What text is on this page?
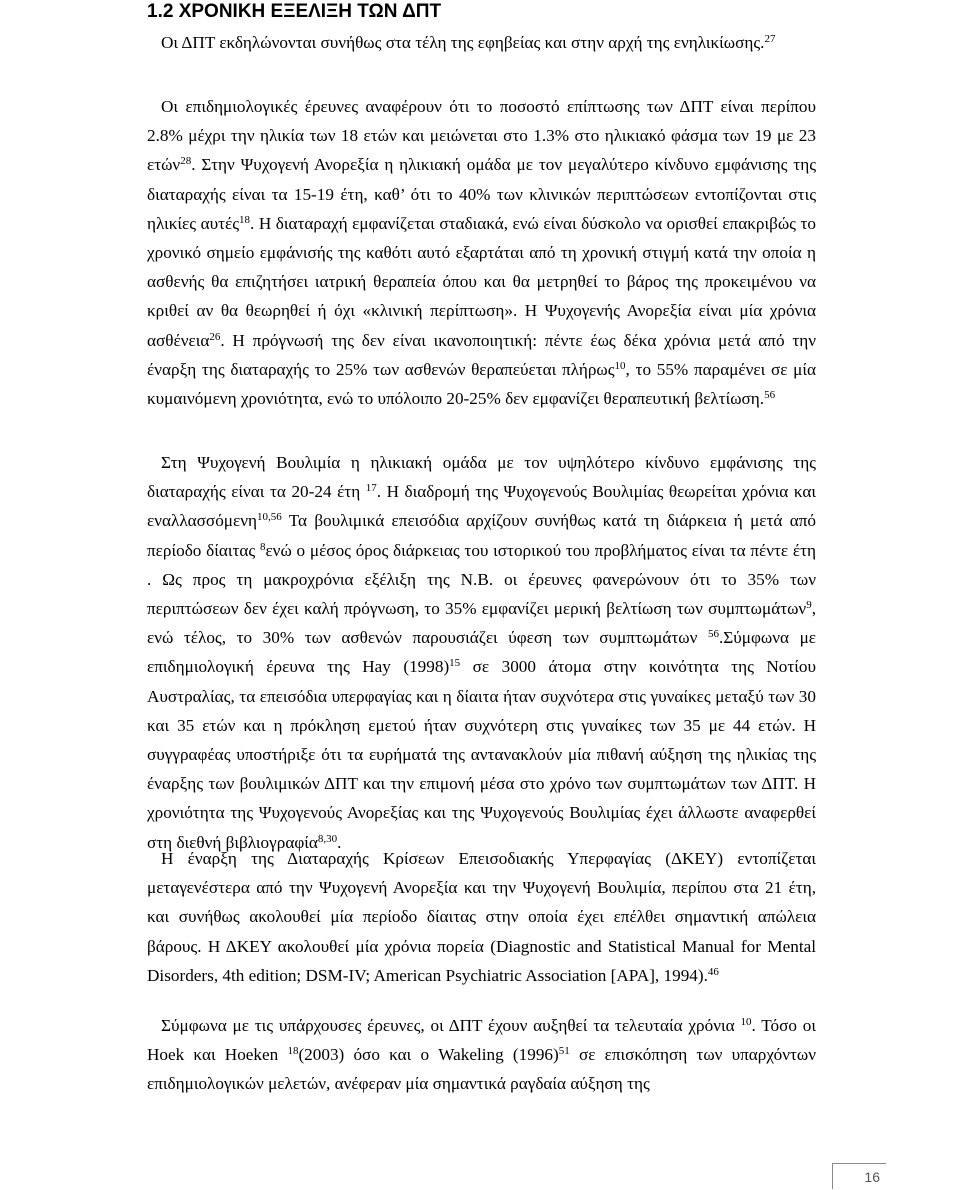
1.2 ΧΡΟΝΙΚΗ ΕΞΕΛΙΞΗ ΤΩΝ ΔΠΤ

Οι ΔΠΤ εκδηλώνονται συνήθως στα τέλη της εφηβείας και στην αρχή της ενηλικίωσης.$^{27}$

Οι επιδημιολογικές έρευνες αναφέρουν ότι το ποσοστό επίπτωσης των ΔΠΤ είναι περίπου 2.8% μέχρι την ηλικία των 18 ετών και μειώνεται στο 1.3% στο ηλικιακό φάσμα των 19 με 23 ετών$^{28}$. Στην Ψυχογενή Ανορεξία η ηλικιακή ομάδα με τον μεγαλύτερο κίνδυνο εμφάνισης της διαταραχής είναι τα 15-19 έτη, καθ’ ότι το 40% των κλινικών περιπτώσεων εντοπίζονται στις ηλικίες αυτές$^{18}$. Η διαταραχή εμφανίζεται σταδιακά, ενώ είναι δύσκολο να ορισθεί επακριβώς το χρονικό σημείο εμφάνισής της καθότι αυτό εξαρτάται από τη χρονική στιγμή κατά την οποία η ασθενής θα επιζητήσει ιατρική θεραπεία όπου και θα μετρηθεί το βάρος της προκειμένου να κριθεί αν θα θεωρηθεί ή όχι «κλινική περίπτωση». Η Ψυχογενής Ανορεξία είναι μία χρόνια ασθένεια$^{26}$. Η πρόγνωσή της δεν είναι ικανοποιητική: πέντε έως δέκα χρόνια μετά από την έναρξη της διαταραχής το 25% των ασθενών θεραπεύεται πλήρως$^{10}$, το 55% παραμένει σε μία κυμαινόμενη χρονιότητα, ενώ το υπόλοιπο 20-25% δεν εμφανίζει θεραπευτική βελτίωση.$^{56}$

Στη Ψυχογενή Βουλιμία η ηλικιακή ομάδα με τον υψηλότερο κίνδυνο εμφάνισης της διαταραχής είναι τα 20-24 έτη $^{17}$. Η διαδρομή της Ψυχογενούς Βουλιμίας θεωρείται χρόνια και εναλλασσόμενη$^{10,56}$ Τα βουλιμικά επεισόδια αρχίζουν συνήθως κατά τη διάρκεια ή μετά από περίοδο δίαιτας $^8$ενώ ο μέσος όρος διάρκειας του ιστορικού του προβλήματος είναι τα πέντε έτη . Ως προς τη μακροχρόνια εξέλιξη της Ν.Β. οι έρευνες φανερώνουν ότι το 35% των περιπτώσεων δεν έχει καλή πρόγνωση, το 35% εμφανίζει μερική βελτίωση των συμπτωμάτων$^9$, ενώ τέλος, το 30% των ασθενών παρουσιάζει ύφεση των συμπτωμάτων $^{56}$.Σύμφωνα με επιδημιολογική έρευνα της Hay $(1998)^{15}$ σε 3000 άτομα στην κοινότητα της Νοτίου Αυστραλίας, τα επεισόδια υπερφαγίας και η δίαιτα ήταν συχνότερα στις γυναίκες μεταξύ των 30 και 35 ετών και η πρόκληση εμετού ήταν συχνότερη στις γυναίκες των 35 με 44 ετών. Η συγγραφέας υποστήριξε ότι τα ευρήματά της αντανακλούν μία πιθανή αύξηση της ηλικίας της έναρξης των βουλιμικών ΔΠΤ και την επιμονή μέσα στο χρόνο των συμπτωμάτων των ΔΠΤ. Η χρονιότητα της Ψυχογενούς Ανορεξίας και της Ψυχογενούς Βουλιμίας έχει άλλωστε αναφερθεί στη διεθνή βιβλιογραφία$^{8,30}$.

Η έναρξη της Διαταραχής Κρίσεων Επεισοδιακής Υπερφαγίας (ΔΚΕΥ) εντοπίζεται μεταγενέστερα από την Ψυχογενή Ανορεξία και την Ψυχογενή Βουλιμία, περίπου στα 21 έτη, και συνήθως ακολουθεί μία περίοδο δίαιτας στην οποία έχει επέλθει σημαντική απώλεια βάρους. Η ΔΚΕΥ ακολουθεί μία χρόνια πορεία (Diagnostic and Statistical Manual for Mental Disorders, 4th edition; DSM-IV; American Psychiatric Association [APA], 1994).$^{46}$

Σύμφωνα με τις υπάρχουσες έρευνες, οι ΔΠΤ έχουν αυξηθεί τα τελευταία χρόνια $^{10}$. Τόσο οι Hoek και Hoeken $^{18}$(2003) όσο και ο Wakeling $(1996)^{51}$ σε επισκόπηση των υπαρχόντων επιδημιολογικών μελετών, ανέφεραν μία σημαντικά ραγδαία αύξηση της

16
